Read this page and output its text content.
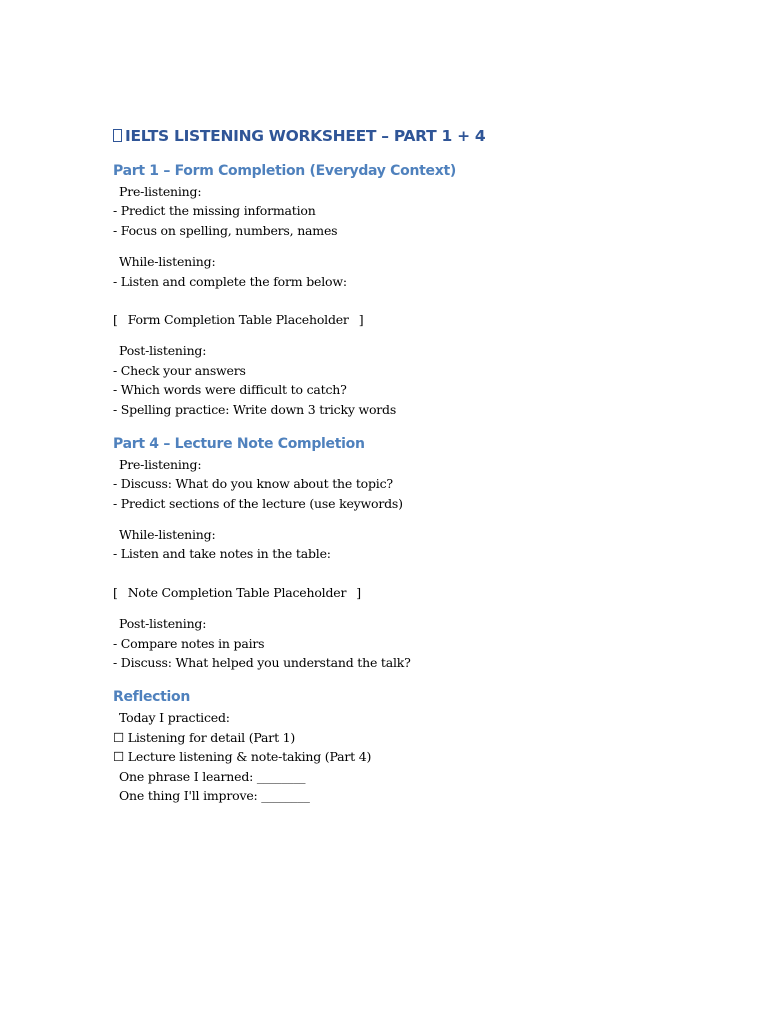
IELTS LISTENING WORKSHEET – PART 1 + 4
Part 1 – Form Completion (Everyday Context)
Pre-listening:
- Predict the missing information
- Focus on spelling, numbers, names
While-listening:
- Listen and complete the form below:
[ Form Completion Table Placeholder ]
Post-listening:
- Check your answers
- Which words were difficult to catch?
- Spelling practice: Write down 3 tricky words
Part 4 – Lecture Note Completion
Pre-listening:
- Discuss: What do you know about the topic?
- Predict sections of the lecture (use keywords)
While-listening:
- Listen and take notes in the table:
[ Note Completion Table Placeholder ]
Post-listening:
- Compare notes in pairs
- Discuss: What helped you understand the talk?
Reflection
Today I practiced:
☐ Listening for detail (Part 1)
☐ Lecture listening & note-taking (Part 4)
One phrase I learned: ________
One thing I'll improve: ________
